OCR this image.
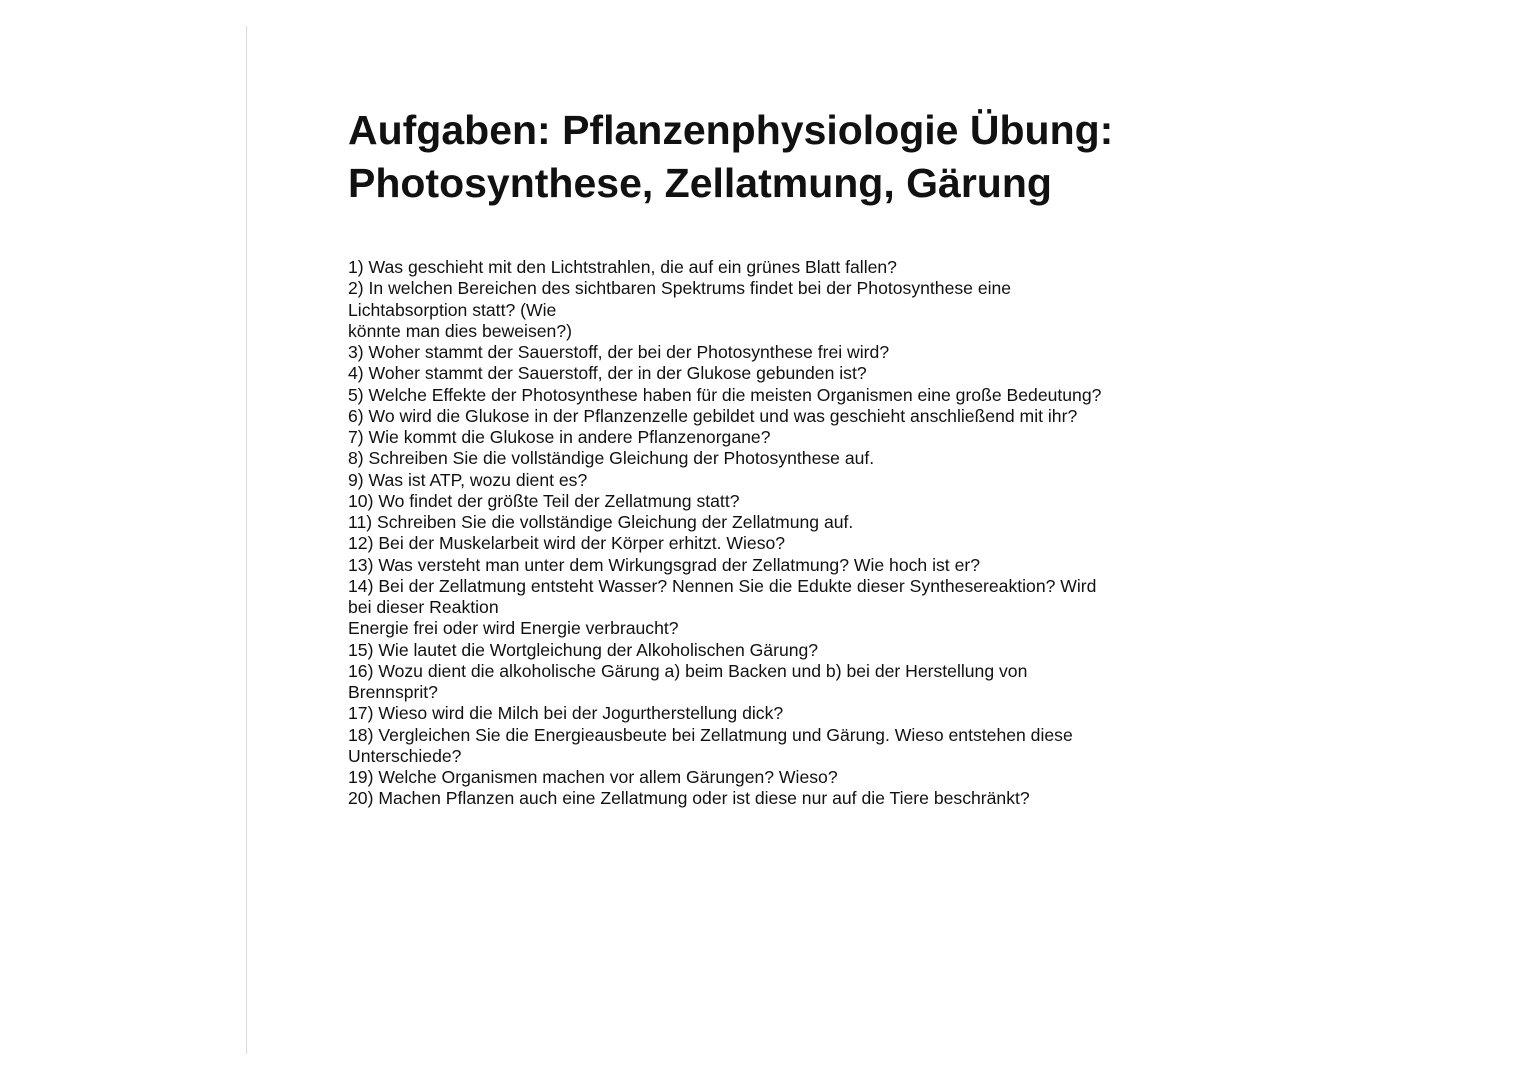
Aufgaben: Pflanzenphysiologie Übung:
Photosynthese, Zellatmung, Gärung
1) Was geschieht mit den Lichtstrahlen, die auf ein grünes Blatt fallen?
2) In welchen Bereichen des sichtbaren Spektrums findet bei der Photosynthese eine
Lichtabsorption statt? (Wie
könnte man dies beweisen?)
3) Woher stammt der Sauerstoff, der bei der Photosynthese frei wird?
4) Woher stammt der Sauerstoff, der in der Glukose gebunden ist?
5) Welche Effekte der Photosynthese haben für die meisten Organismen eine große Bedeutung?
6) Wo wird die Glukose in der Pflanzenzelle gebildet und was geschieht anschließend mit ihr?
7) Wie kommt die Glukose in andere Pflanzenorgane?
8) Schreiben Sie die vollständige Gleichung der Photosynthese auf.
9) Was ist ATP, wozu dient es?
10) Wo findet der größte Teil der Zellatmung statt?
11) Schreiben Sie die vollständige Gleichung der Zellatmung auf.
12) Bei der Muskelarbeit wird der Körper erhitzt. Wieso?
13) Was versteht man unter dem Wirkungsgrad der Zellatmung? Wie hoch ist er?
14) Bei der Zellatmung entsteht Wasser? Nennen Sie die Edukte dieser Synthesereaktion? Wird
bei dieser Reaktion
Energie frei oder wird Energie verbraucht?
15) Wie lautet die Wortgleichung der Alkoholischen Gärung?
16) Wozu dient die alkoholische Gärung a) beim Backen und b) bei der Herstellung von
Brennsprit?
17) Wieso wird die Milch bei der Jogurtherstellung dick?
18) Vergleichen Sie die Energieausbeute bei Zellatmung und Gärung. Wieso entstehen diese
Unterschiede?
19) Welche Organismen machen vor allem Gärungen? Wieso?
20) Machen Pflanzen auch eine Zellatmung oder ist diese nur auf die Tiere beschränkt?
